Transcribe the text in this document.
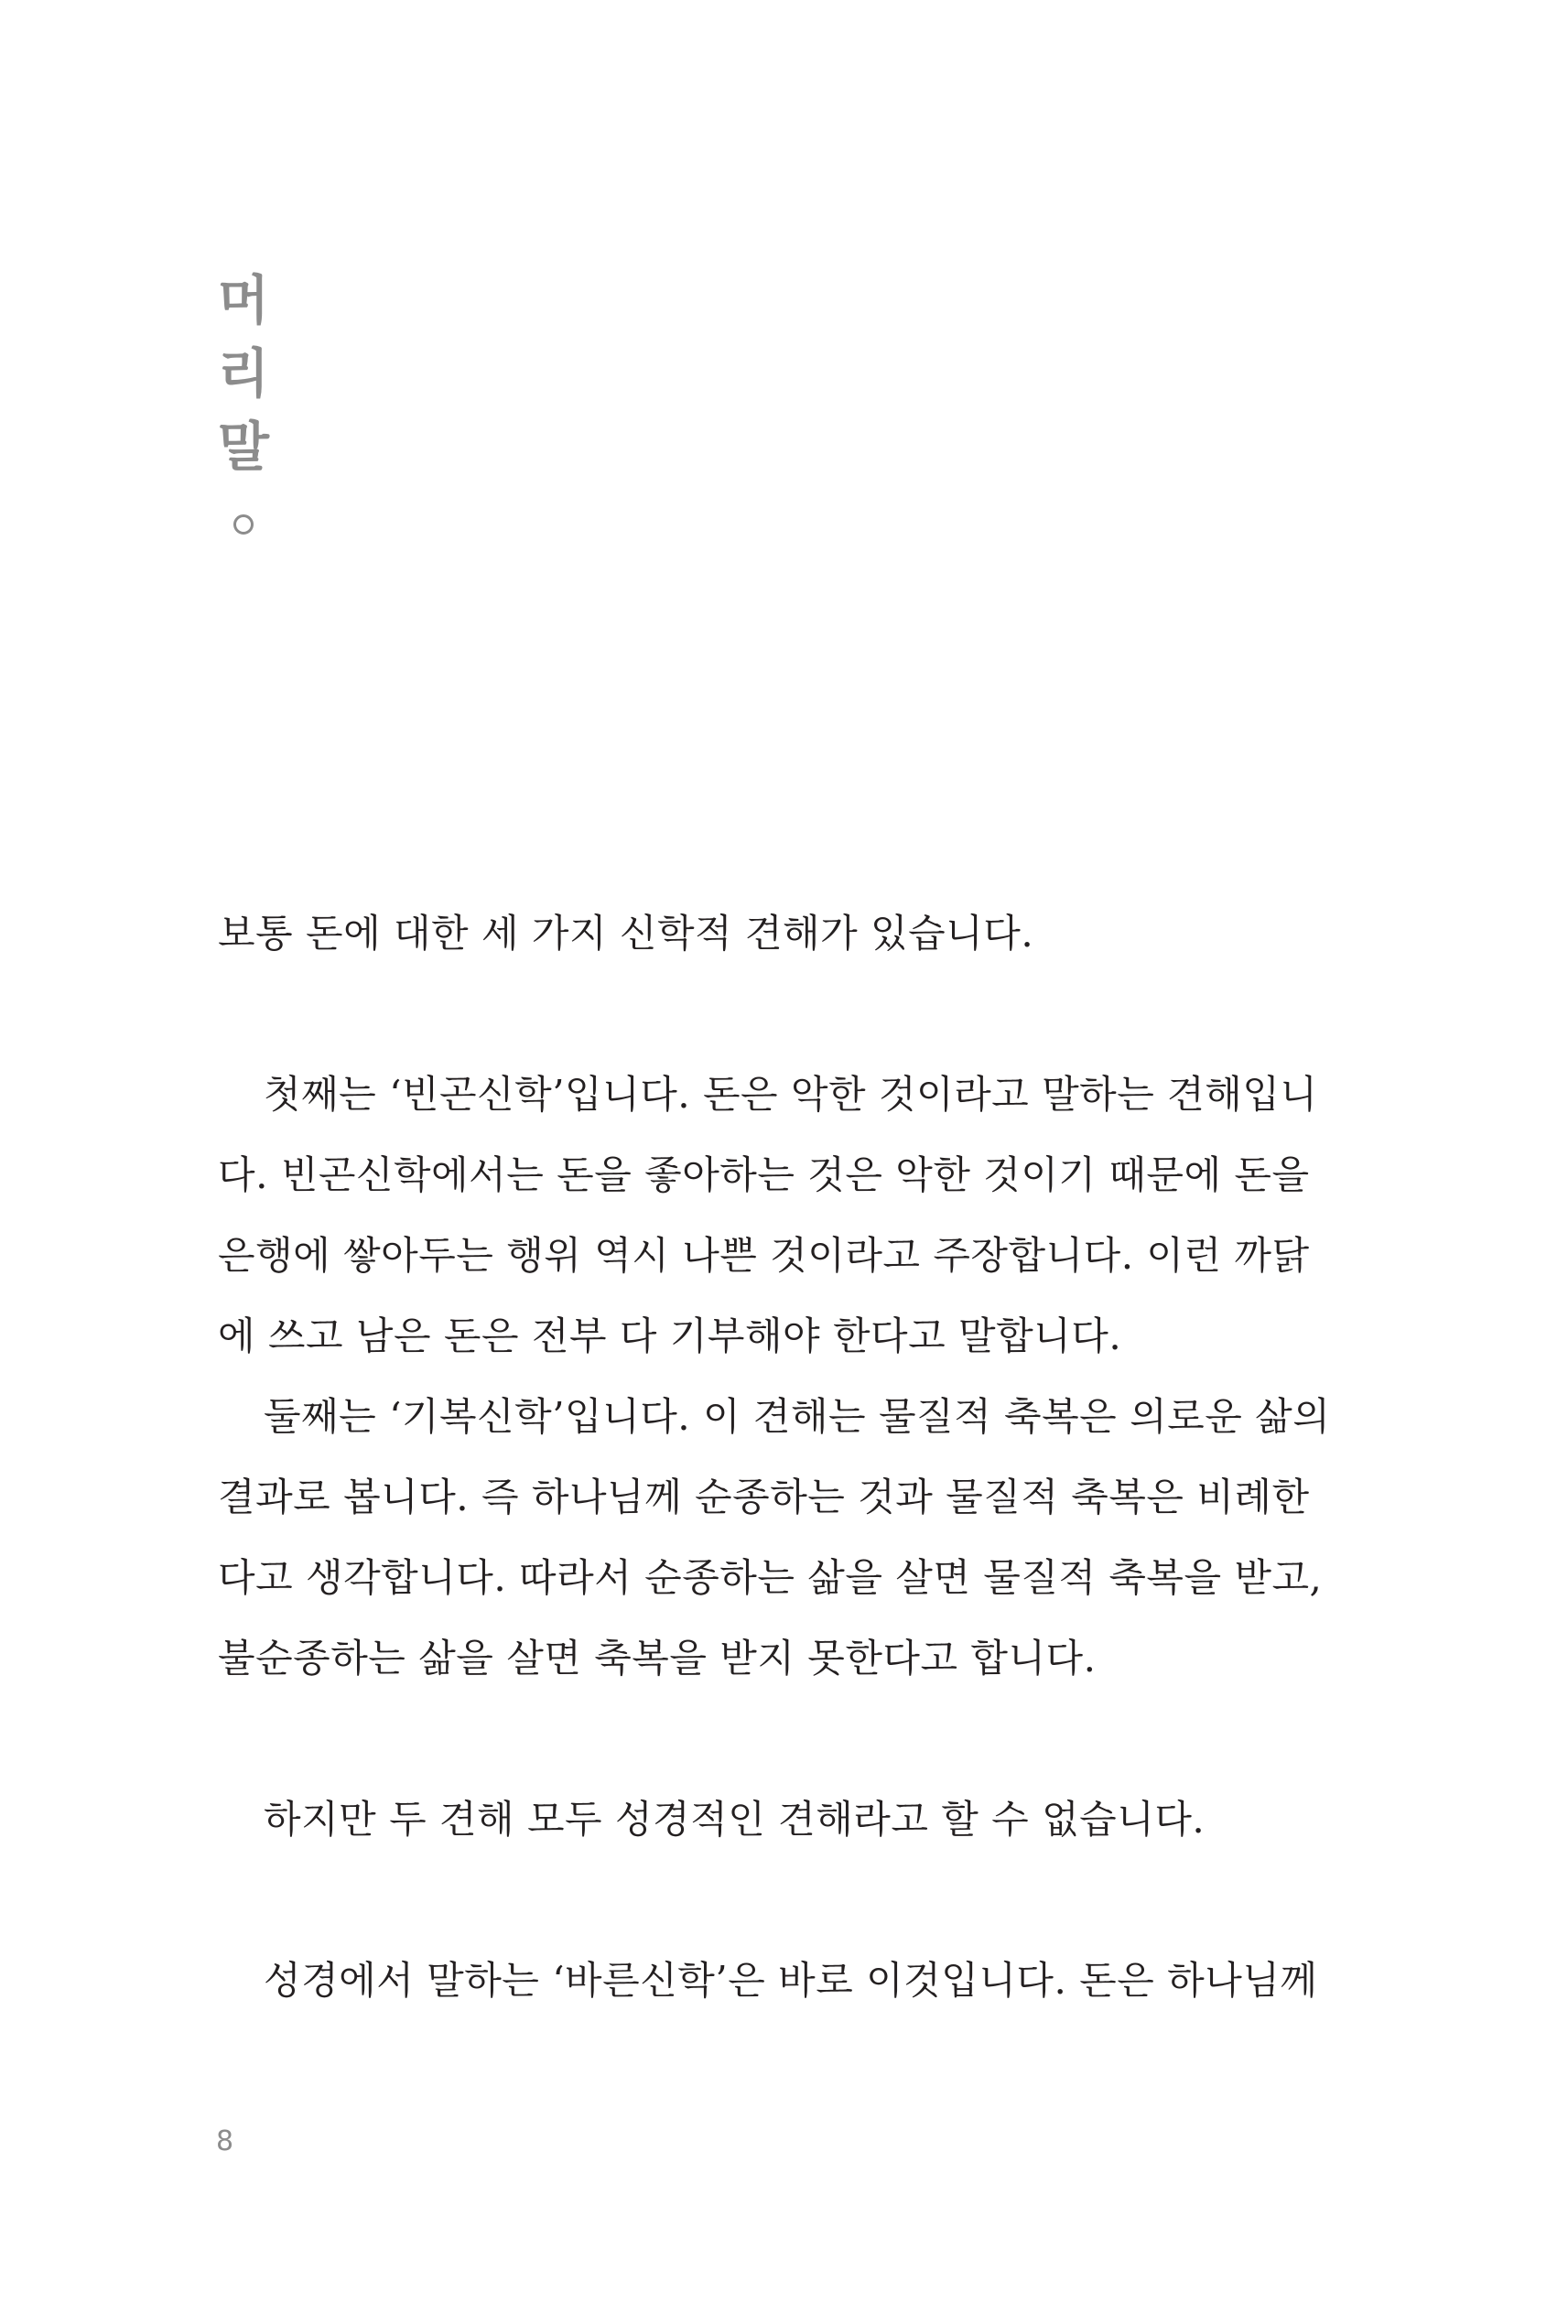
머
리
말
보통 돈에 대한 세 가지 신학적 견해가 있습니다.
첫째는 ‘빈곤신학’입니다. 돈은 악한 것이라고 말하는 견해입니
다. 빈곤신학에서는 돈을 좋아하는 것은 악한 것이기 때문에 돈을
은행에 쌓아두는 행위 역시 나쁜 것이라고 주장합니다. 이런 까닭
에 쓰고 남은 돈은 전부 다 기부해야 한다고 말합니다.
둘째는 ‘기복신학’입니다. 이 견해는 물질적 축복은 의로운 삶의
결과로 봅니다. 즉 하나님께 순종하는 것과 물질적 축복은 비례한
다고 생각합니다. 따라서 순종하는 삶을 살면 물질적 축복을 받고,
불순종하는 삶을 살면 축복을 받지 못한다고 합니다.
하지만 두 견해 모두 성경적인 견해라고 할 수 없습니다.
성경에서 말하는 ‘바른신학’은 바로 이것입니다. 돈은 하나님께
8
